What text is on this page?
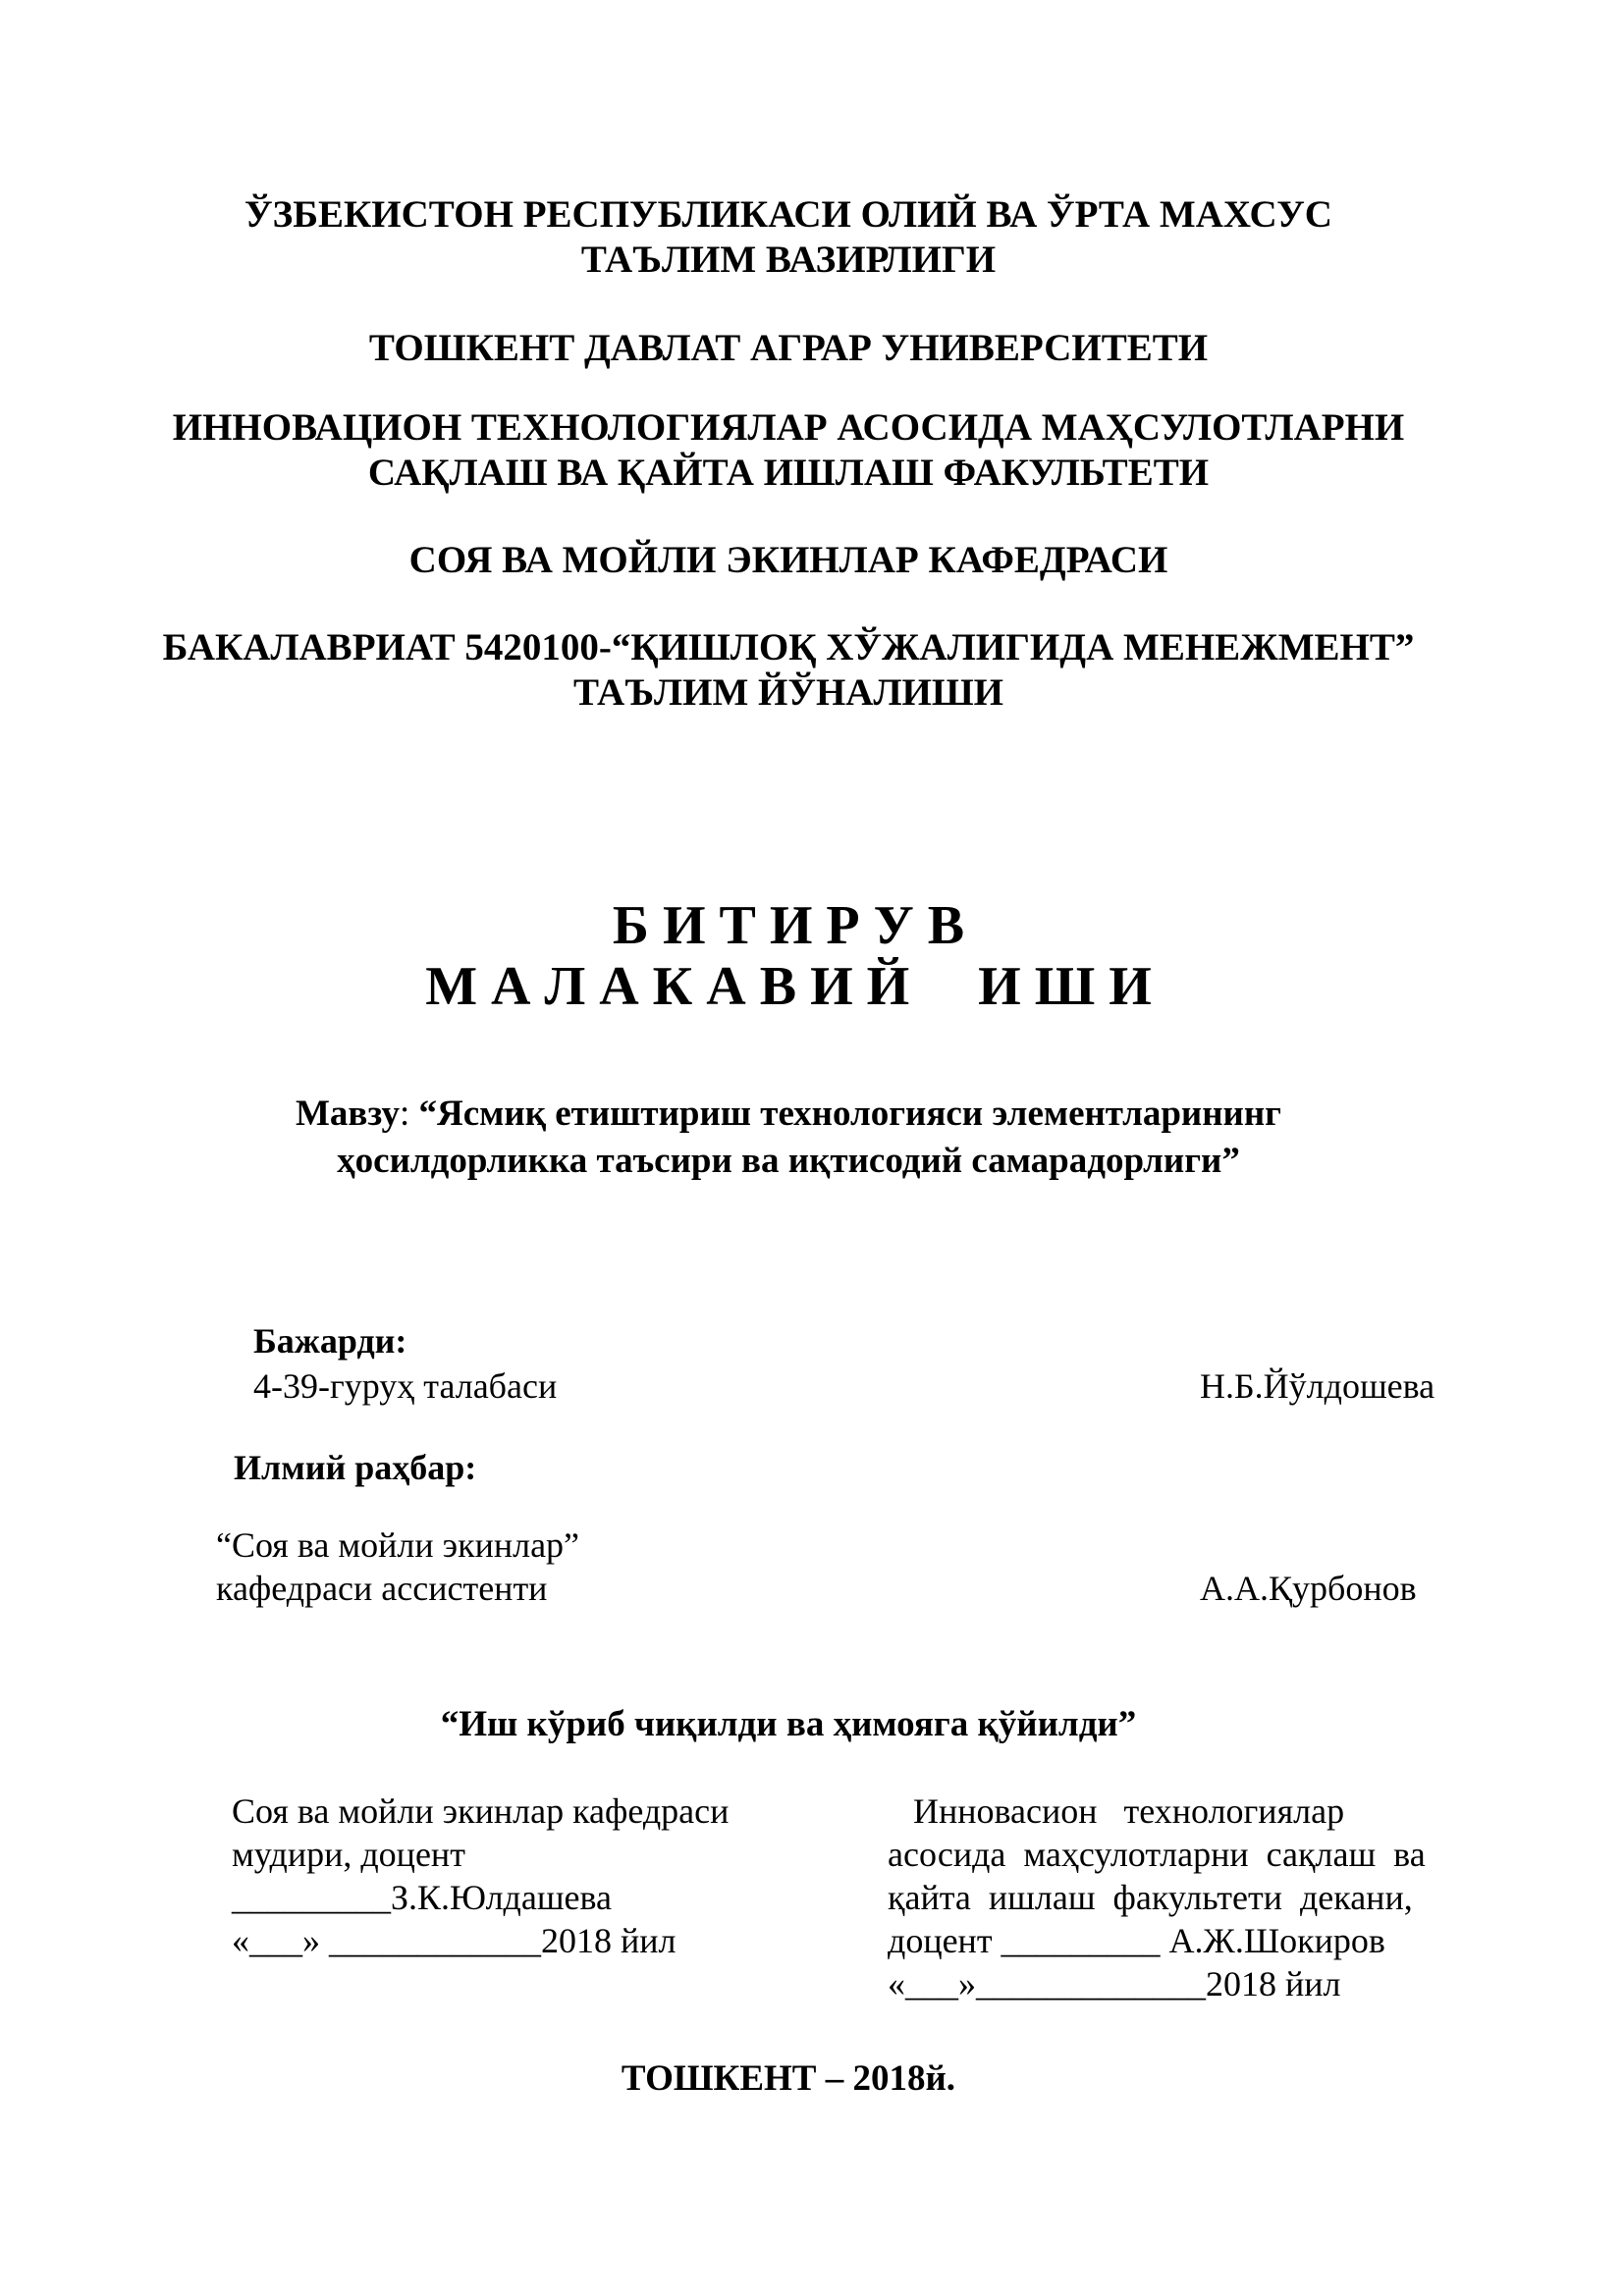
ЎЗБЕКИСТОН РЕСПУБЛИКАСИ ОЛИЙ ВА ЎРТА МАХСУС
ТАЪЛИМ ВАЗИРЛИГИ
ТОШКЕНТ ДАВЛАТ АГРАР УНИВЕРСИТЕТИ
ИННОВАЦИОН ТЕХНОЛОГИЯЛАР АСОСИДА МАҲСУЛОТЛАРНИ
САҚЛАШ ВА ҚАЙТА ИШЛАШ ФАКУЛЬТЕТИ
СОЯ ВА МОЙЛИ ЭКИНЛАР КАФЕДРАСИ
БАКАЛАВРИАТ 5420100-“ҚИШЛОҚ ХЎЖАЛИГИДА МЕНЕЖМЕНТ”
ТАЪЛИМ ЙЎНАЛИШИ
Б И Т И Р У В
М А Л А К А В И Й     И Ш И
Мавзу: “Ясмиқ етиштириш технологияси элементларининг
ҳосилдорликка таъсири ва иқтисодий самарадорлиги”
Бажарди:
4-39-гуруҳ талабаси	Н.Б.Йўлдошева
Илмий раҳбар:
“Соя ва мойли экинлар”
кафедраси ассистенти	А.А.Қурбонов
“Иш кўриб чиқилди ва ҳимояга қўйилди”
Соя ва мойли экинлар кафедраси
мудири, доцент
_________З.К.Юлдашева
«___» ____________2018 йил
Инноваcион   технологиялар
асосида  маҳсулотларни  сақлаш  ва
қайта  ишлаш  факультети  декани,
доцент _________ А.Ж.Шокиров
«___»_____________2018 йил
ТОШКЕНТ – 2018й.
